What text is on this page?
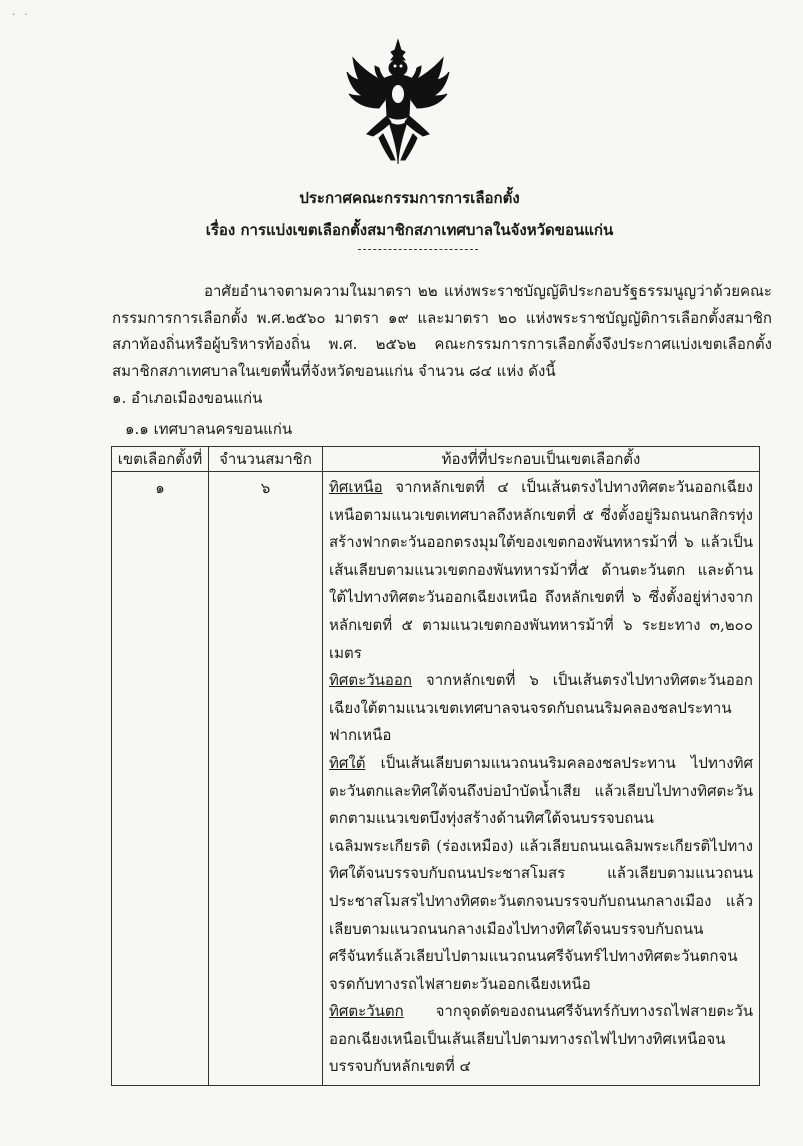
· ·
ประกาศคณะกรรมการการเลือกตั้ง
เรื่อง การแบ่งเขตเลือกตั้งสมาชิกสภาเทศบาลในจังหวัดขอนแก่น
อาศัยอำนาจตามความในมาตรา ๒๒ แห่งพระราชบัญญัติประกอบรัฐธรรมนูญว่าด้วยคณะกรรมการการเลือกตั้ง พ.ศ.๒๕๖๐ มาตรา ๑๙ และมาตรา ๒๐ แห่งพระราชบัญญัติการเลือกตั้งสมาชิกสภาท้องถิ่นหรือผู้บริหารท้องถิ่น พ.ศ. ๒๕๖๒ คณะกรรมการการเลือกตั้งจึงประกาศแบ่งเขตเลือกตั้งสมาชิกสภาเทศบาลในเขตพื้นที่จังหวัดขอนแก่น จำนวน ๘๔ แห่ง ดังนี้
๑. อำเภอเมืองขอนแก่น
๑.๑ เทศบาลนครขอนแก่น
เขตเลือกตั้งที่	จำนวนสมาชิก	ท้องที่ที่ประกอบเป็นเขตเลือกตั้ง
๑	๖	ทิศเหนือ จากหลักเขตที่ ๔ เป็นเส้นตรงไปทางทิศตะวันออกเฉียงเหนือตามแนวเขตเทศบาลถึงหลักเขตที่ ๕ ซึ่งตั้งอยู่ริมถนนกสิกรทุ่งสร้างฟากตะวันออกตรงมุมใต้ของเขตกองพันทหารม้าที่ ๖ แล้วเป็นเส้นเลียบตามแนวเขตกองพันทหารม้าที่๕ ด้านตะวันตก และด้านใต้ไปทางทิศตะวันออกเฉียงเหนือ ถึงหลักเขตที่ ๖ ซึ่งตั้งอยู่ห่างจากหลักเขตที่ ๕ ตามแนวเขตกองพันทหารม้าที่ ๖ ระยะทาง ๓,๒๐๐ เมตร
ทิศตะวันออก จากหลักเขตที่ ๖ เป็นเส้นตรงไปทางทิศตะวันออกเฉียงใต้ตามแนวเขตเทศบาลจนจรดกับถนนริมคลองชลประทานฟากเหนือ
ทิศใต้ เป็นเส้นเลียบตามแนวถนนริมคลองชลประทาน ไปทางทิศตะวันตกและทิศใต้จนถึงบ่อบำบัดน้ำเสีย แล้วเลียบไปทางทิศตะวันตกตามแนวเขตบึงทุ่งสร้างด้านทิศใต้จนบรรจบถนนเฉลิมพระเกียรติ (ร่องเหมือง) แล้วเลียบถนนเฉลิมพระเกียรติไปทางทิศใต้จนบรรจบกับถนนประชาสโมสร แล้วเลียบตามแนวถนนประชาสโมสรไปทางทิศตะวันตกจนบรรจบกับถนนกลางเมือง แล้วเลียบตามแนวถนนกลางเมืองไปทางทิศใต้จนบรรจบกับถนนศรีจันทร์แล้วเลียบไปตามแนวถนนศรีจันทร์ไปทางทิศตะวันตกจนจรดกับทางรถไฟสายตะวันออกเฉียงเหนือ
ทิศตะวันตก จากจุดตัดของถนนศรีจันทร์กับทางรถไฟสายตะวันออกเฉียงเหนือเป็นเส้นเลียบไปตามทางรถไฟไปทางทิศเหนือจนบรรจบกับหลักเขตที่ ๔
